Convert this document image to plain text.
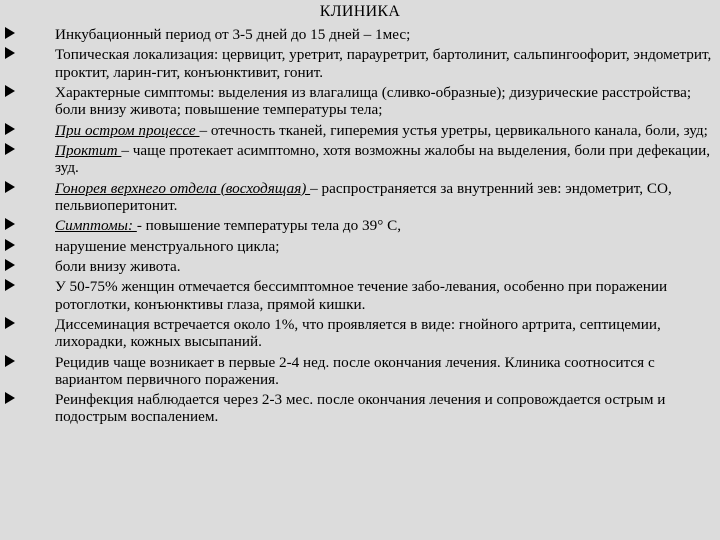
КЛИНИКА
Инкубационный период от 3-5 дней до 15 дней – 1мес;
Топическая локализация: цервицит, уретрит, парауретрит, бартолинит, сальпингоофорит, эндометрит, проктит, ларин-гит, конъюнктивит, гонит.
Характерные симптомы: выделения из влагалища (сливко-образные); дизурические расстройства; боли внизу живота; повышение температуры тела;
При остром процессе – отечность тканей, гиперемия устья уретры, цервикального канала, боли, зуд;
Проктит – чаще протекает асимптомно, хотя возможны жалобы на выделения, боли при дефекации, зуд.
Гонорея верхнего отдела (восходящая) – распространяется за внутренний зев: эндометрит, СО, пельвиоперитонит.
Симптомы: - повышение температуры тела до 39° С,
нарушение менструального цикла;
боли внизу живота.
У 50-75% женщин отмечается бессимптомное течение забо-левания, особенно при поражении ротоглотки, конъюнктивы глаза, прямой кишки.
Диссеминация встречается около 1%, что проявляется в виде: гнойного артрита, септицемии, лихорадки, кожных высыпаний.
Рецидив чаще возникает в первые 2-4 нед. после окончания лечения. Клиника соотносится с вариантом первичного поражения.
Реинфекция наблюдается через 2-3 мес. после окончания лечения и сопровождается острым и подострым воспалением.
